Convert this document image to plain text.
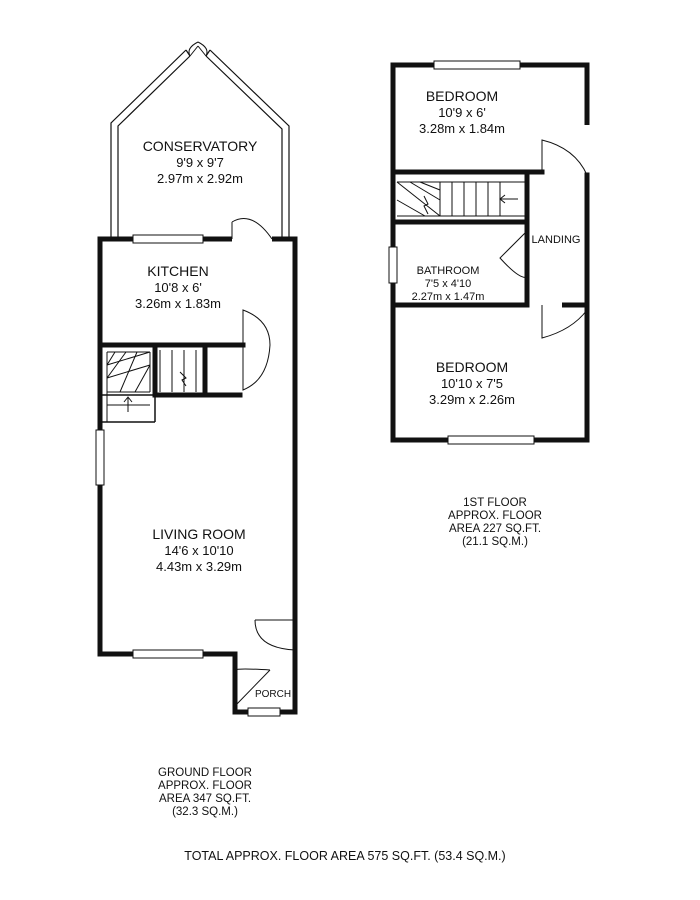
CONSERVATORY
9'9 x 9'7
2.97m x 2.92m
KITCHEN
10'8 x 6'
3.26m x 1.83m
LIVING ROOM
14'6 x 10'10
4.43m x 3.29m
PORCH
BEDROOM
10'9 x 6'
3.28m x 1.84m
LANDING
BATHROOM
7'5 x 4'10
2.27m x 1.47m
BEDROOM
10'10 x 7'5
3.29m x 2.26m
1ST FLOOR
APPROX. FLOOR
AREA 227 SQ.FT.
(21.1 SQ.M.)
GROUND FLOOR
APPROX. FLOOR
AREA 347 SQ.FT.
(32.3 SQ.M.)
TOTAL APPROX. FLOOR AREA 575 SQ.FT. (53.4 SQ.M.)
